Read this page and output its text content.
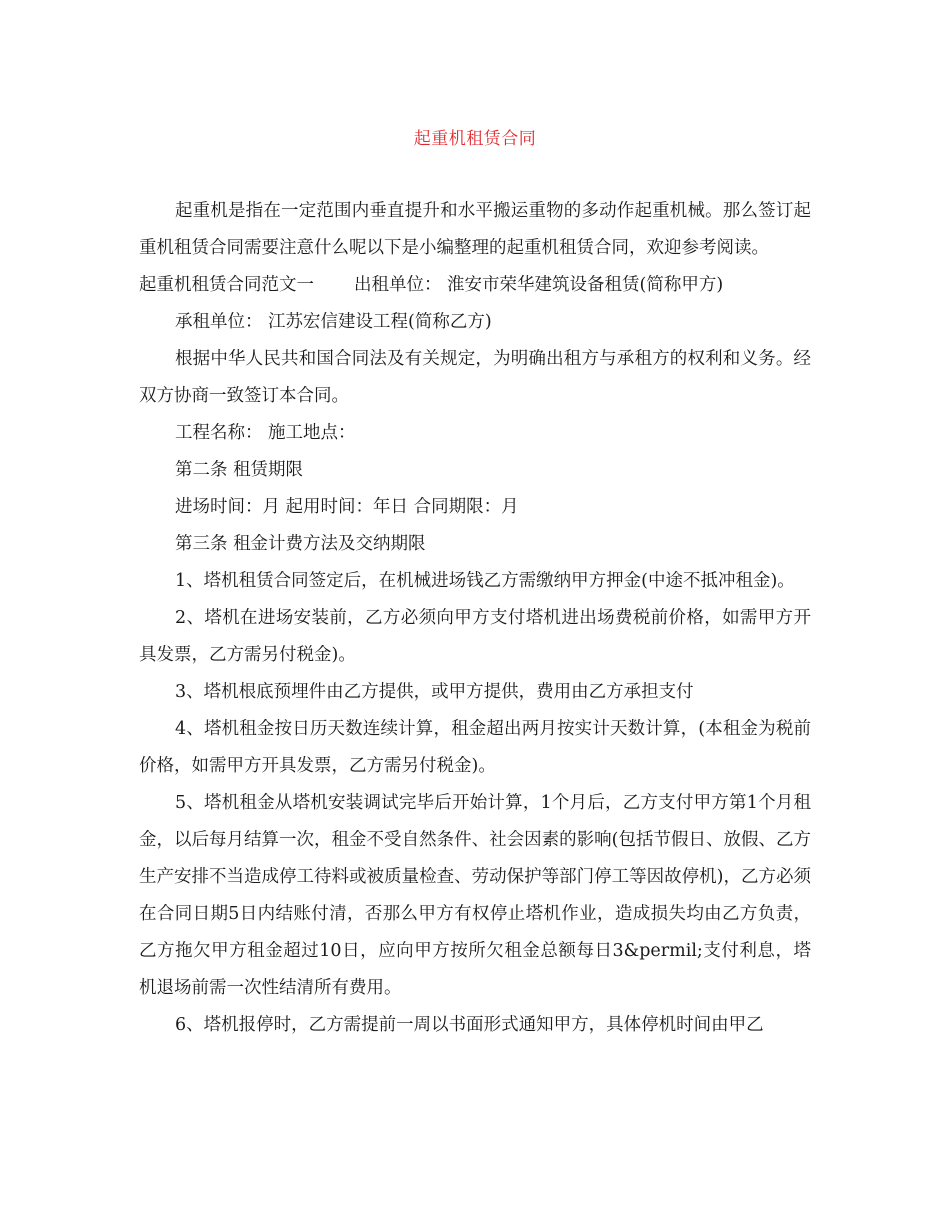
起重机租赁合同

起重机是指在一定范围内垂直提升和水平搬运重物的多动作起重机械。那么签订起重机租赁合同需要注意什么呢以下是小编整理的起重机租赁合同，欢迎参考阅读。

起重机租赁合同范文一 出租单位： 淮安市荣华建筑设备租赁(简称甲方)

承租单位： 江苏宏信建设工程(简称乙方)

根据中华人民共和国合同法及有关规定，为明确出租方与承租方的权利和义务。经双方协商一致签订本合同。

工程名称： 施工地点：

第二条 租赁期限

进场时间：月 起用时间：年日 合同期限：月

第三条 租金计费方法及交纳期限

1、塔机租赁合同签定后，在机械进场钱乙方需缴纳甲方押金(中途不抵冲租金)。

2、塔机在进场安装前，乙方必须向甲方支付塔机进出场费税前价格，如需甲方开具发票，乙方需另付税金)。

3、塔机根底预埋件由乙方提供，或甲方提供，费用由乙方承担支付

4、塔机租金按日历天数连续计算，租金超出两月按实计天数计算，(本租金为税前价格，如需甲方开具发票，乙方需另付税金)。

5、塔机租金从塔机安装调试完毕后开始计算，1个月后，乙方支付甲方第1个月租金，以后每月结算一次，租金不受自然条件、社会因素的影响(包括节假日、放假、乙方生产安排不当造成停工待料或被质量检查、劳动保护等部门停工等因故停机)，乙方必须在合同日期5日内结账付清，否那么甲方有权停止塔机作业，造成损失均由乙方负责，乙方拖欠甲方租金超过10日，应向甲方按所欠租金总额每日3&permil;支付利息，塔机退场前需一次性结清所有费用。

6、塔机报停时，乙方需提前一周以书面形式通知甲方，具体停机时间由甲乙
